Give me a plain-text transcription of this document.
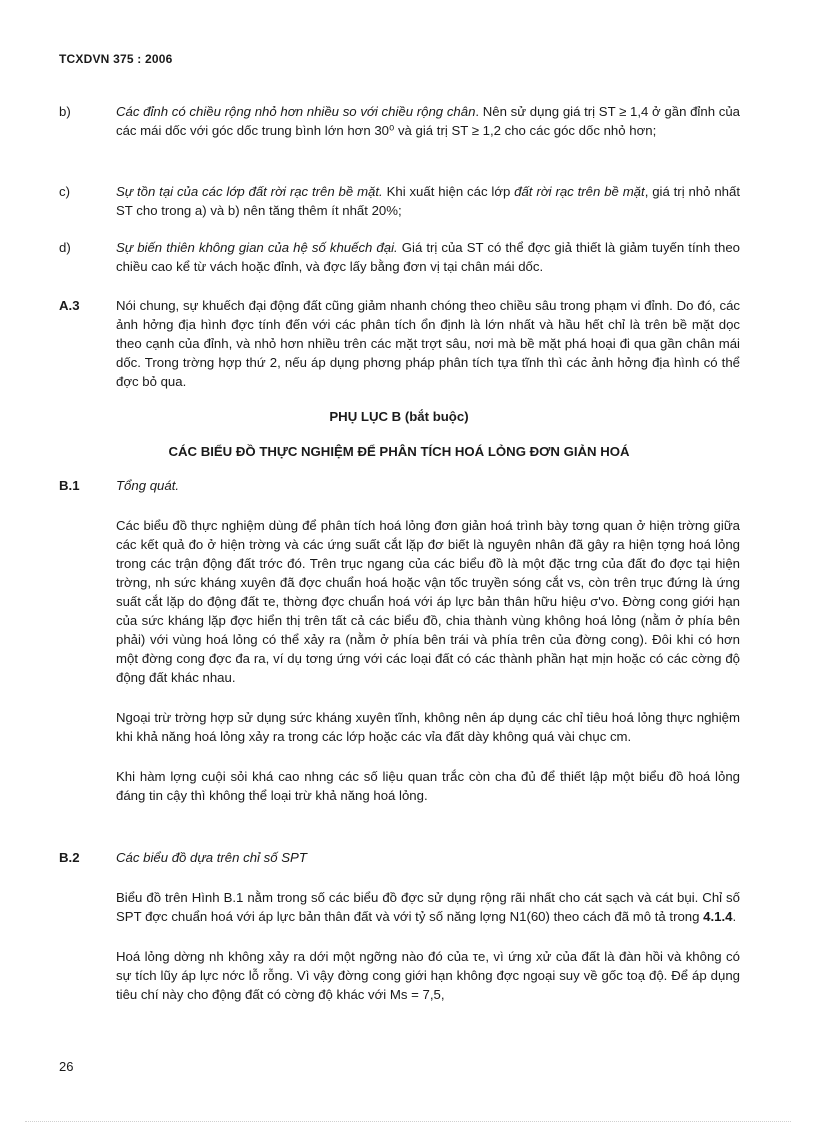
TCXDVN 375 : 2006
b)	Các đỉnh có chiều rộng nhỏ hơn nhiều so với chiều rộng chân. Nên sử dụng giá trị ST ≥ 1,4 ở gần đỉnh của các mái dốc với góc dốc trung bình lớn hơn 30⁰ và giá trị ST ≥ 1,2 cho các góc dốc nhỏ hơn;

c)	Sự tồn tại của các lớp đất rời rạc trên bề mặt. Khi xuất hiện các lớp đất rời rạc trên bề mặt, giá trị nhỏ nhất ST cho trong a) và b) nên tăng thêm ít nhất 20%;

d)	Sự biến thiên không gian của hệ số khuếch đại. Giá trị của ST có thể đợc giả thiết là giảm tuyến tính theo chiều cao kể từ vách hoặc đỉnh, và đợc lấy bằng đơn vị tại chân mái dốc.

A.3	Nói chung, sự khuếch đại động đất cũng giảm nhanh chóng theo chiều sâu trong phạm vi đỉnh. Do đó, các ảnh hởng địa hình đợc tính đến với các phân tích ổn định là lớn nhất và hầu hết chỉ là trên bề mặt dọc theo cạnh của đỉnh, và nhỏ hơn nhiều trên các mặt trợt sâu, nơi mà bề mặt phá hoại đi qua gần chân mái dốc. Trong trờng hợp thứ 2, nếu áp dụng phơng pháp phân tích tựa tĩnh thì các ảnh hởng địa hình có thể đợc bỏ qua.

PHỤ LỤC B (bắt buộc)
CÁC BIỂU ĐỒ THỰC NGHIỆM ĐỂ PHÂN TÍCH HOÁ LỎNG ĐƠN GIẢN HOÁ
B.1	Tổng quát.

Các biểu đồ thực nghiệm dùng để phân tích hoá lỏng đơn giản hoá trình bày tơng quan ở hiện trờng giữa các kết quả đo ở hiện trờng và các ứng suất cắt lặp đơ biết là nguyên nhân đã gây ra hiện tợng hoá lỏng trong các trận động đất trớc đó. Trên trục ngang của các biểu đồ là một đặc trng của đất đo đợc tại hiện trờng, nh sức kháng xuyên đã đợc chuẩn hoá hoặc vận tốc truyền sóng cắt vs, còn trên trục đứng là ứng suất cắt lặp do động đất τe, thờng đợc chuẩn hoá với áp lực bản thân hữu hiệu σ'vo. Đờng cong giới hạn của sức kháng lặp đợc hiển thị trên tất cả các biểu đồ, chia thành vùng không hoá lỏng (nằm ở phía bên phải) với vùng hoá lỏng có thể xảy ra (nằm ở phía bên trái và phía trên của đờng cong). Đôi khi có hơn một đờng cong đợc đa ra, ví dụ tơng ứng với các loại đất có các thành phần hạt mịn hoặc có các cờng độ động đất khác nhau.

Ngoại trừ trờng hợp sử dụng sức kháng xuyên tĩnh, không nên áp dụng các chỉ tiêu hoá lỏng thực nghiệm khi khả năng hoá lỏng xảy ra trong các lớp hoặc các vỉa đất dày không quá vài chục cm.

Khi hàm lợng cuội sỏi khá cao nhng các số liệu quan trắc còn cha đủ để thiết lập một biểu đồ hoá lỏng đáng tin cậy thì không thể loại trừ khả năng hoá lỏng.

B.2	Các biểu đồ dựa trên chỉ số SPT

Biểu đồ trên Hình B.1 nằm trong số các biểu đồ đợc sử dụng rộng rãi nhất cho cát sạch và cát bụi. Chỉ số SPT đợc chuẩn hoá với áp lực bản thân đất và với tỷ số năng lợng N1(60) theo cách đã mô tả trong 4.1.4.

Hoá lỏng dờng nh không xảy ra dới một ngỡng nào đó của τe, vì ứng xử của đất là đàn hồi và không có sự tích lũy áp lực nớc lỗ rỗng. Vì vậy đờng cong giới hạn không đợc ngoại suy về gốc toạ độ. Để áp dụng tiêu chí này cho động đất có cờng độ khác với Ms = 7,5,

26
